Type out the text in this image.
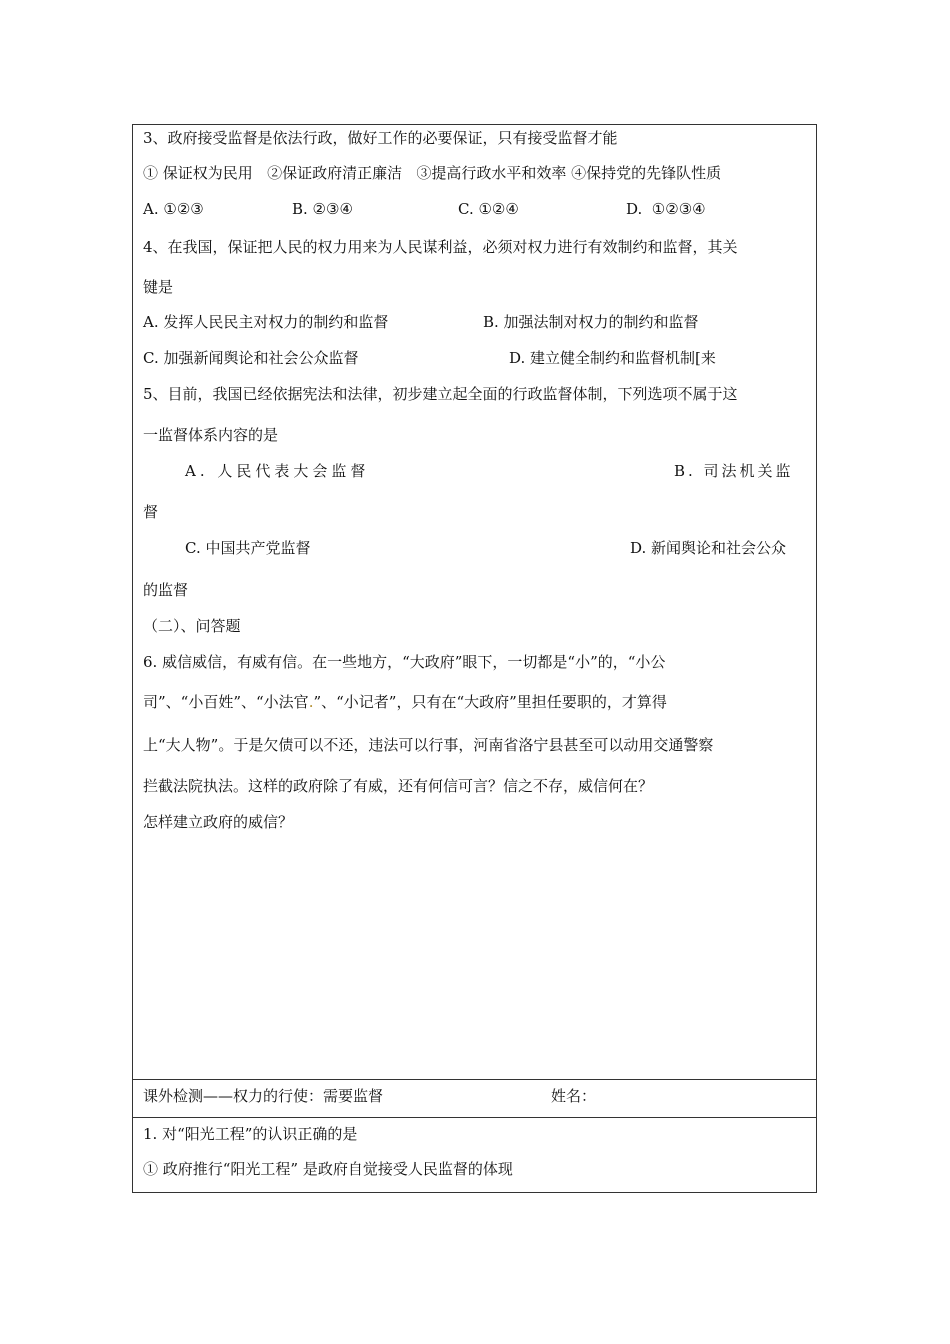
3、政府接受监督是依法行政，做好工作的必要保证，只有接受监督才能
① 保证权为民用   ②保证政府清正廉洁   ③提高行政水平和效率 ④保持党的先锋队性质
A. ①②③	B. ②③④	C. ①②④	D.  ①②③④
4、在我国，保证把人民的权力用来为人民谋利益，必须对权力进行有效制约和监督，其关
键是
A. 发挥人民民主对权力的制约和监督	B. 加强法制对权力的制约和监督
C. 加强新闻舆论和社会公众监督	D. 建立健全制约和监督机制[来
5、目前，我国已经依据宪法和法律，初步建立起全面的行政监督体制，下列选项不属于这
一监督体系内容的是
A. 人民代表大会监督	B. 司法机关监
督
C. 中国共产党监督	D. 新闻舆论和社会公众
的监督
（二）、问答题
6. 威信威信，有威有信。在一些地方，“大政府”眼下，一切都是“小”的，“小公
司”、“小百姓”、“小法官.”、“小记者”，只有在“大政府”里担任要职的，才算得
上“大人物”。于是欠债可以不还，违法可以行事，河南省洛宁县甚至可以动用交通警察
拦截法院执法。这样的政府除了有威，还有何信可言？信之不存，威信何在？
怎样建立政府的威信？
课外检测——权力的行使：需要监督	姓名：
1. 对“阳光工程”的认识正确的是
① 政府推行“阳光工程” 是政府自觉接受人民监督的体现
